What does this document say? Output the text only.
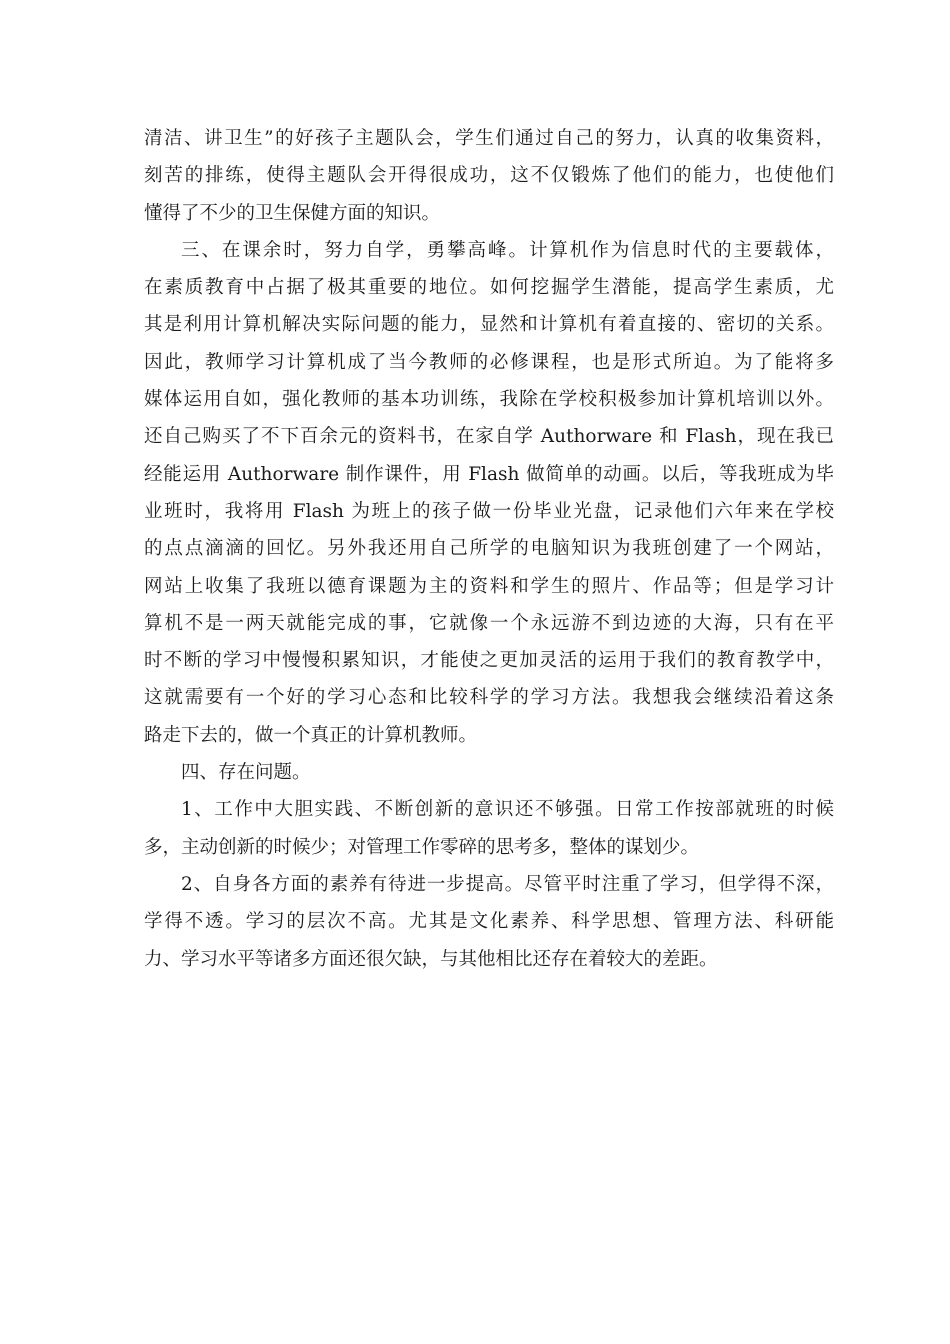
清洁、讲卫生”的好孩子主题队会，学生们通过自己的努力，认真的收集资料，
刻苦的排练，使得主题队会开得很成功，这不仅锻炼了他们的能力，也使他们
懂得了不少的卫生保健方面的知识。
三、在课余时，努力自学，勇攀高峰。计算机作为信息时代的主要载体，
在素质教育中占据了极其重要的地位。如何挖掘学生潜能，提高学生素质，尤
其是利用计算机解决实际问题的能力，显然和计算机有着直接的、密切的关系。
因此，教师学习计算机成了当今教师的必修课程，也是形式所迫。为了能将多
媒体运用自如，强化教师的基本功训练，我除在学校积极参加计算机培训以外。
还自己购买了不下百余元的资料书，在家自学 Authorware 和 Flash，现在我已
经能运用 Authorware 制作课件，用 Flash 做简单的动画。以后，等我班成为毕
业班时，我将用 Flash 为班上的孩子做一份毕业光盘，记录他们六年来在学校
的点点滴滴的回忆。另外我还用自己所学的电脑知识为我班创建了一个网站，
网站上收集了我班以德育课题为主的资料和学生的照片、作品等；但是学习计
算机不是一两天就能完成的事，它就像一个永远游不到边迹的大海，只有在平
时不断的学习中慢慢积累知识，才能使之更加灵活的运用于我们的教育教学中，
这就需要有一个好的学习心态和比较科学的学习方法。我想我会继续沿着这条
路走下去的，做一个真正的计算机教师。
四、存在问题。
1、工作中大胆实践、不断创新的意识还不够强。日常工作按部就班的时候
多，主动创新的时候少；对管理工作零碎的思考多，整体的谋划少。
2、自身各方面的素养有待进一步提高。尽管平时注重了学习，但学得不深，
学得不透。学习的层次不高。尤其是文化素养、科学思想、管理方法、科研能
力、学习水平等诸多方面还很欠缺，与其他相比还存在着较大的差距。
